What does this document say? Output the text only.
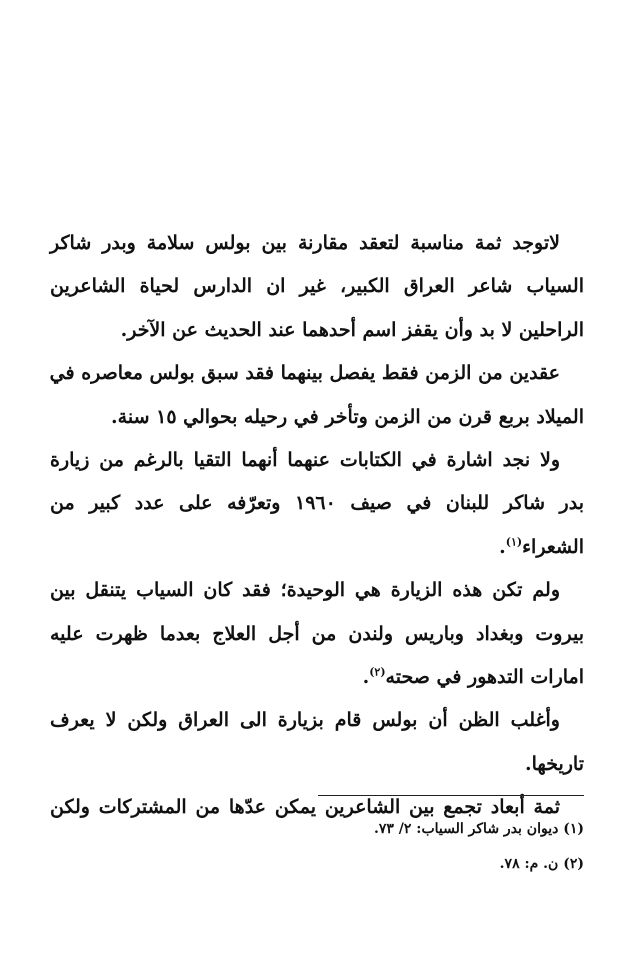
لاتوجد ثمة مناسبة لتعقد مقارنة بين بولس سلامة وبدر شاكر
السياب شاعر العراق الكبير، غير ان الدارس لحياة الشاعرين
الراحلين لا بد وأن يقفز اسم أحدهما عند الحديث عن الآخر.

عقدين من الزمن فقط يفصل بينهما فقد سبق بولس معاصره في
الميلاد بربع قرن من الزمن وتأخر في رحيله بحوالي ١٥ سنة.

ولا نجد اشارة في الكتابات عنهما أنهما التقيا بالرغم من زيارة
بدر شاكر للبنان في صيف ١٩٦٠ وتعرّفه على عدد كبير من
الشعراء$^{(١)}$.

ولم تكن هذه الزيارة هي الوحيدة؛ فقد كان السياب يتنقل بين
بيروت وبغداد وباريس ولندن من أجل العلاج بعدما ظهرت عليه
امارات التدهور في صحته$^{(٢)}$.

وأغلب الظن أن بولس قام بزيارة الى العراق ولكن لا يعرف
تاريخها.

ثمة أبعاد تجمع بين الشاعرين يمكن عدّها من المشتركات ولكن

(١) ديوان بدر شاكر السياب: ٢/ ٧٣.
(٢) ن. م: ٧٨.
